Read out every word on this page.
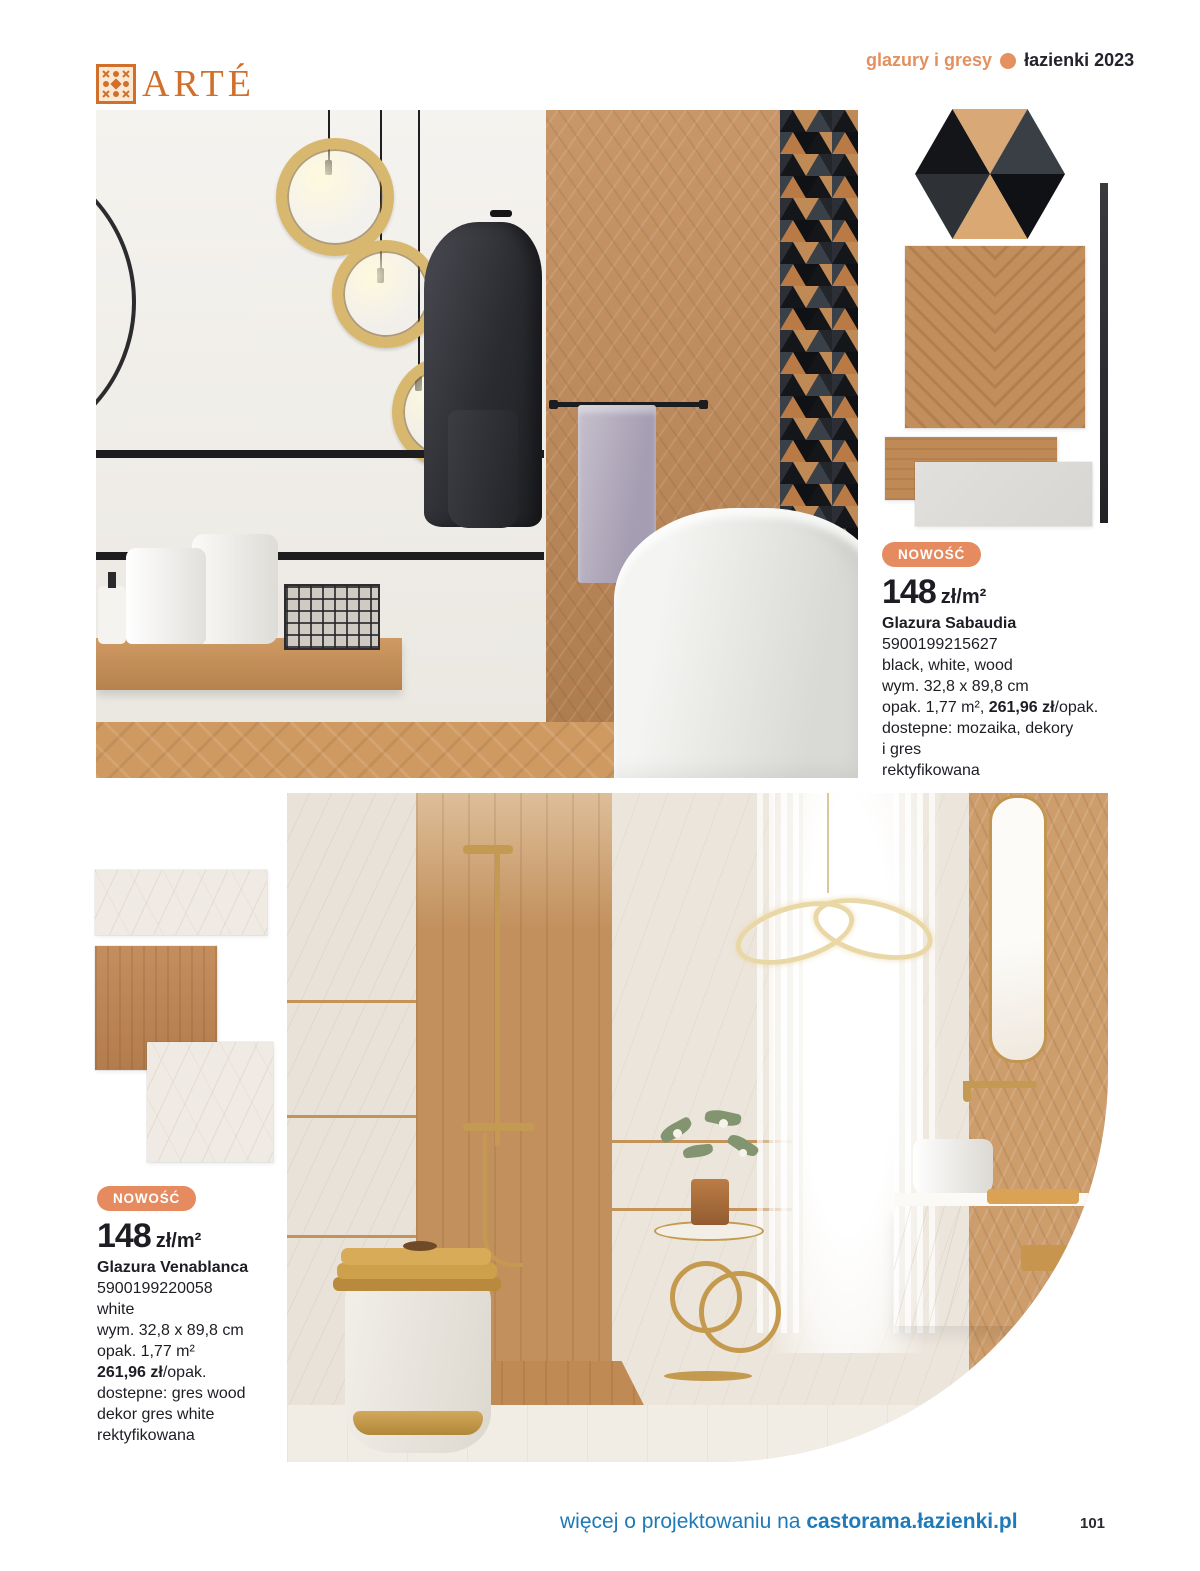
ARTÉ
glazury i gresy łazienki 2023
NOWOŚĆ
148 zł/m²
Glazura Sabaudia
5900199215627
black, white, wood
wym. 32,8 x 89,8 cm
opak. 1,77 m², 261,96 zł/opak.
dostepne: mozaika, dekory
i gres
rektyfikowana
NOWOŚĆ
148 zł/m²
Glazura Venablanca
5900199220058
white
wym. 32,8 x 89,8 cm
opak. 1,77 m²
261,96 zł/opak.
dostepne: gres wood
dekor gres white
rektyfikowana
więcej o projektowaniu na castorama.łazienki.pl	101
